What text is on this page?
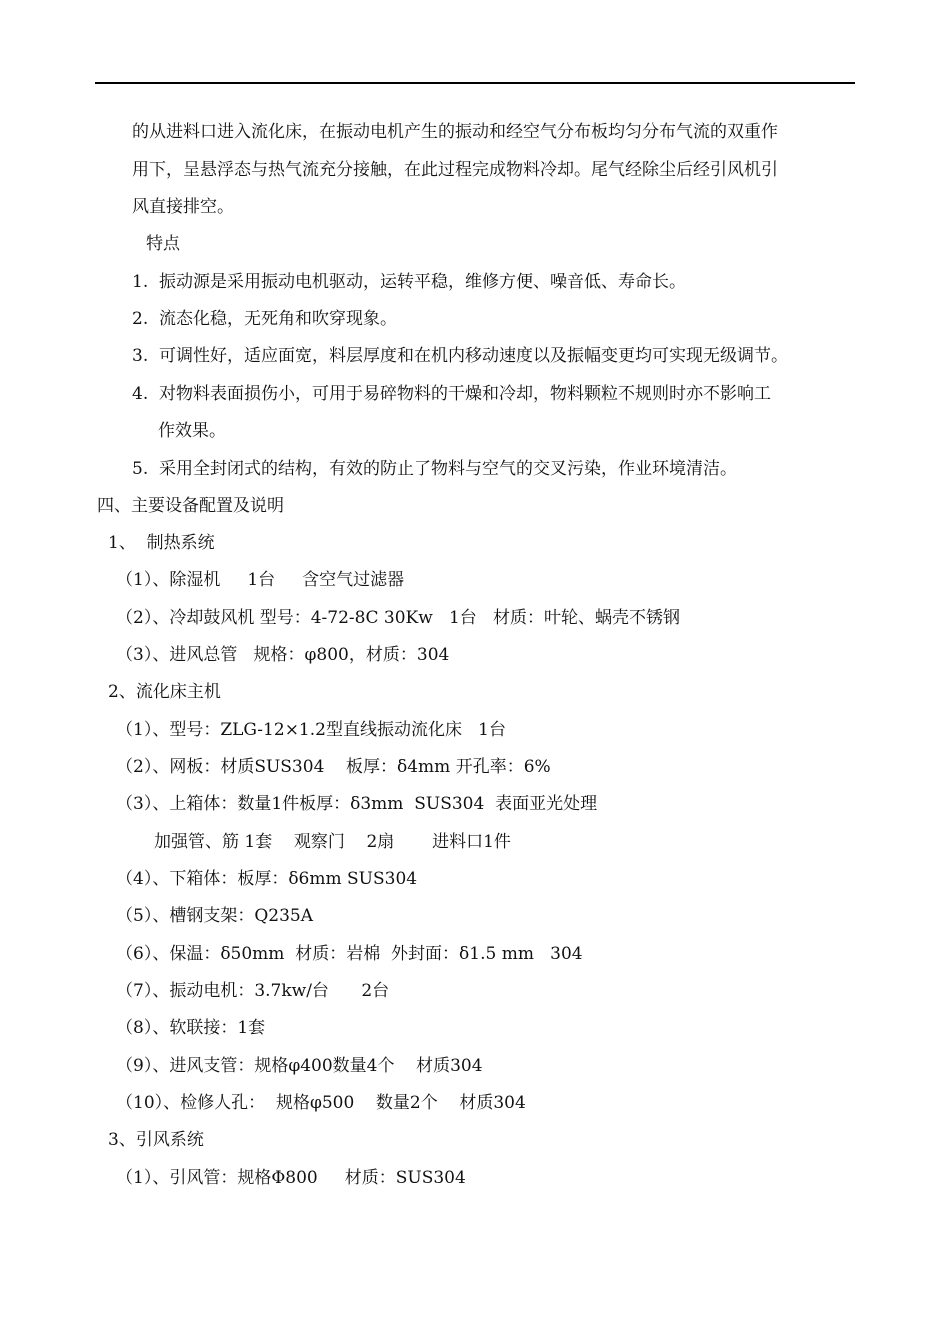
的从进料口进入流化床，在振动电机产生的振动和经空气分布板均匀分布气流的双重作
用下，呈悬浮态与热气流充分接触，在此过程完成物料冷却。尾气经除尘后经引风机引
风直接排空。
特点
1.  振动源是采用振动电机驱动，运转平稳，维修方便、噪音低、寿命长。
2.  流态化稳，无死角和吹穿现象。
3.  可调性好，适应面宽，料层厚度和在机内移动速度以及振幅变更均可实现无级调节。
4.  对物料表面损伤小，可用于易碎物料的干燥和冷却，物料颗粒不规则时亦不影响工
作效果。
5.  采用全封闭式的结构，有效的防止了物料与空气的交叉污染，作业环境清洁。
四、主要设备配置及说明
1、  制热系统
（1）、除湿机     1台     含空气过滤器
（2）、冷却鼓风机 型号：4-72-8C 30Kw   1台   材质：叶轮、蜗壳不锈钢
（3）、进风总管   规格：φ800，材质：304
2、流化床主机
（1）、型号：ZLG-12×1.2型直线振动流化床   1台
（2）、网板：材质SUS304    板厚：δ4mm 开孔率：6%
（3）、上箱体：数量1件板厚：δ3mm  SUS304  表面亚光处理
加强管、筋 1套    观察门    2扇       进料口1件
（4）、下箱体：板厚：δ6mm SUS304
（5）、槽钢支架：Q235A
（6）、保温：δ50mm  材质：岩棉  外封面：δ1.5 mm   304
（7）、振动电机：3.7kw/台      2台
（8）、软联接：1套
（9）、进风支管：规格φ400数量4个    材质304
（10）、检修人孔：  规格φ500    数量2个    材质304
3、引风系统
（1）、引风管：规格Φ800     材质：SUS304
